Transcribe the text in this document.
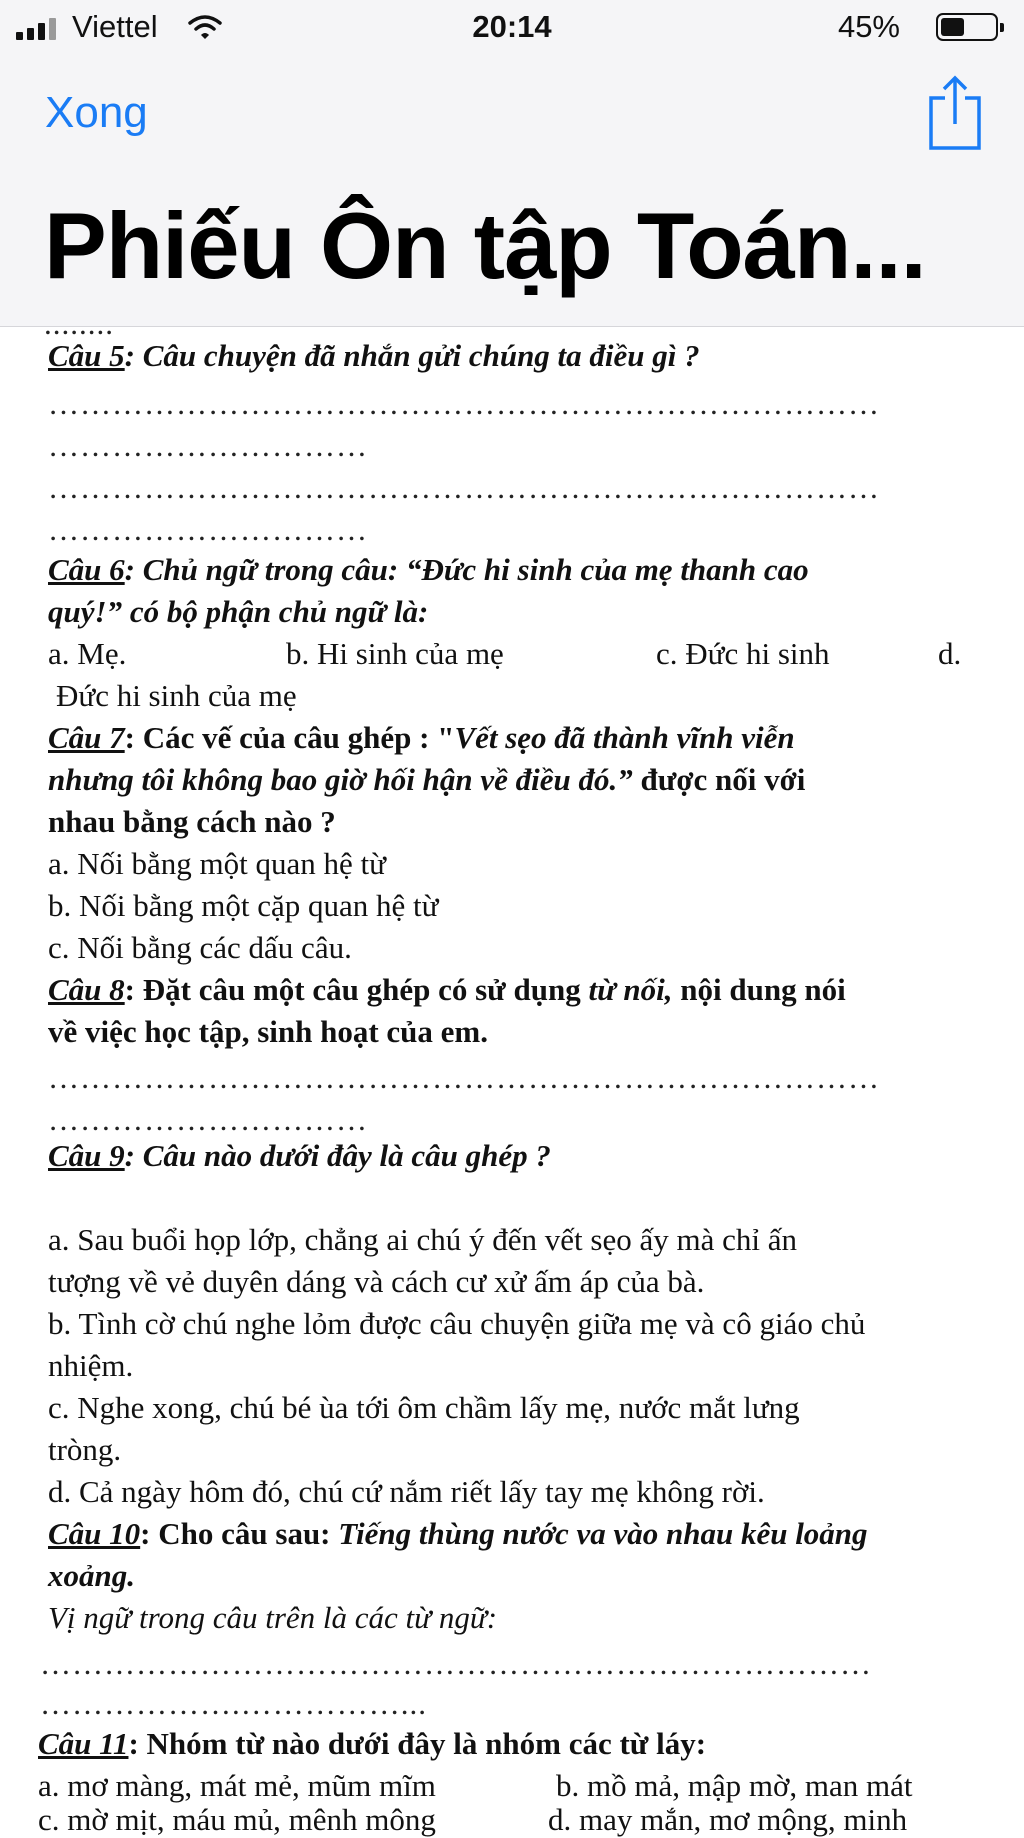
Viettel	20:14	45%
Xong
Phiếu Ôn tập Toán...
........
Câu 5: Câu chuyện đã nhắn gửi chúng ta điều gì ?
……………………………………………………………………
…………………………
……………………………………………………………………
…………………………
Câu 6: Chủ ngữ trong câu: “Đức hi sinh của mẹ thanh cao
quý!” có bộ phận chủ ngữ là:
a. Mẹ.	b. Hi sinh của mẹ	c. Đức hi sinh	d.
Đức hi sinh của mẹ
Câu 7: Các vế của câu ghép : "Vết sẹo đã thành vĩnh viễn
nhưng tôi không bao giờ hối hận về điều đó.” được nối với
nhau bằng cách nào ?
a. Nối bằng một quan hệ từ
b. Nối bằng một cặp quan hệ từ
c. Nối bằng các dấu câu.
Câu 8: Đặt câu một câu ghép có sử dụng từ nối, nội dung nói
về việc học tập, sinh hoạt của em.
……………………………………………………………………
…………………………
Câu 9: Câu nào dưới đây là câu ghép ?
a. Sau buổi họp lớp, chẳng ai chú ý đến vết sẹo ấy mà chỉ ấn
tượng về vẻ duyên dáng và cách cư xử ấm áp của bà.
b. Tình cờ chú nghe lỏm được câu chuyện giữa mẹ và cô giáo chủ
nhiệm.
c. Nghe xong, chú bé ùa tới ôm chầm lấy mẹ, nước mắt lưng
tròng.
d. Cả ngày hôm đó, chú cứ nắm riết lấy tay mẹ không rời.
Câu 10: Cho câu sau: Tiếng thùng nước va vào nhau kêu loảng
xoảng.
Vị ngữ trong câu trên là các từ ngữ:
……………………………………………………………………
……………….……………...
Câu 11: Nhóm từ nào dưới đây là nhóm các từ láy:
a. mơ màng, mát mẻ, mũm mĩm	b. mồ mả, mập mờ, man mát
c. mờ mịt, máu mủ, mênh mông	d. may mắn, mơ mộng, minh
